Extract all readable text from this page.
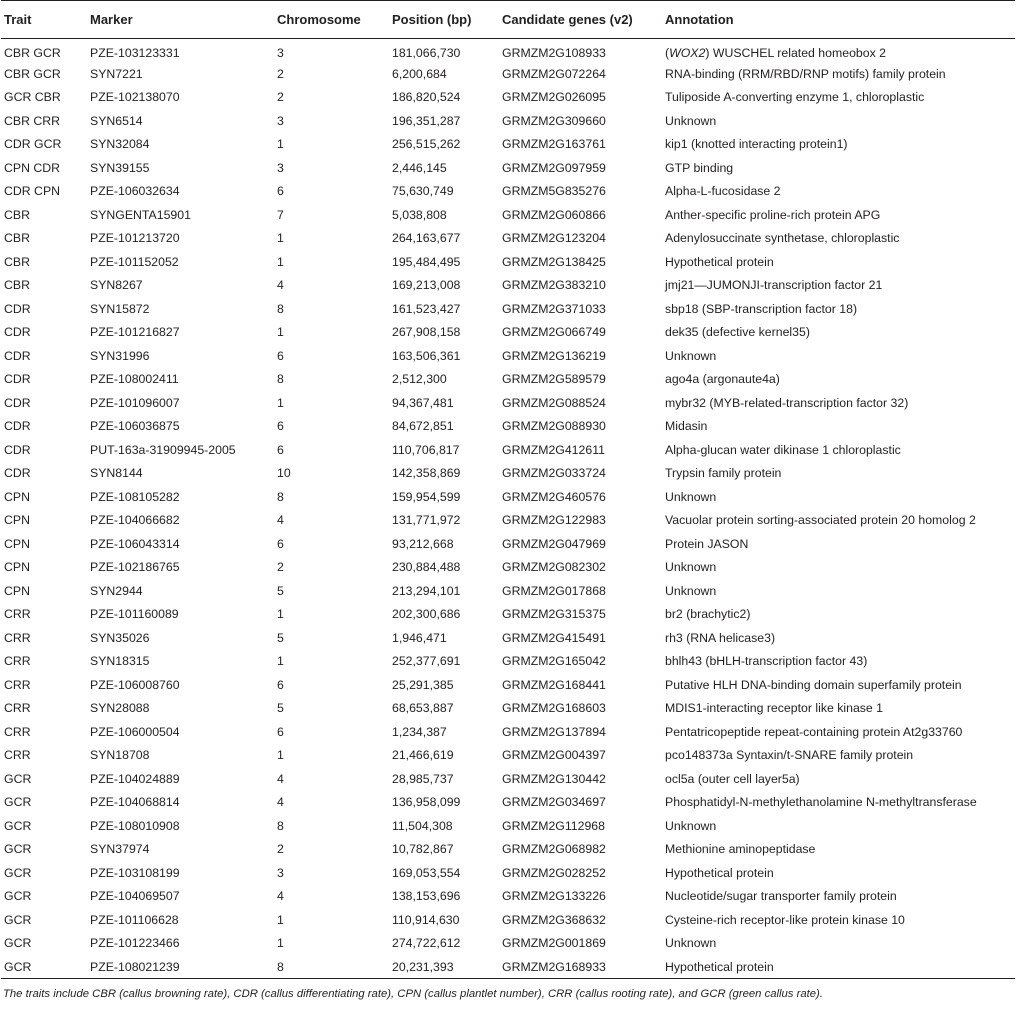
Trait	Marker	Chromosome	Position (bp)	Candidate genes (v2)	Annotation
CBR GCR	PZE-103123331	3	181,066,730	GRMZM2G108933	(WOX2) WUSCHEL related homeobox 2
CBR GCR	SYN7221	2	6,200,684	GRMZM2G072264	RNA-binding (RRM/RBD/RNP motifs) family protein
GCR CBR	PZE-102138070	2	186,820,524	GRMZM2G026095	Tuliposide A-converting enzyme 1, chloroplastic
CBR CRR	SYN6514	3	196,351,287	GRMZM2G309660	Unknown
CDR GCR	SYN32084	1	256,515,262	GRMZM2G163761	kip1 (knotted interacting protein1)
CPN CDR	SYN39155	3	2,446,145	GRMZM2G097959	GTP binding
CDR CPN	PZE-106032634	6	75,630,749	GRMZM5G835276	Alpha-L-fucosidase 2
CBR	SYNGENTA15901	7	5,038,808	GRMZM2G060866	Anther-specific proline-rich protein APG
CBR	PZE-101213720	1	264,163,677	GRMZM2G123204	Adenylosuccinate synthetase, chloroplastic
CBR	PZE-101152052	1	195,484,495	GRMZM2G138425	Hypothetical protein
CBR	SYN8267	4	169,213,008	GRMZM2G383210	jmj21—JUMONJI-transcription factor 21
CDR	SYN15872	8	161,523,427	GRMZM2G371033	sbp18 (SBP-transcription factor 18)
CDR	PZE-101216827	1	267,908,158	GRMZM2G066749	dek35 (defective kernel35)
CDR	SYN31996	6	163,506,361	GRMZM2G136219	Unknown
CDR	PZE-108002411	8	2,512,300	GRMZM2G589579	ago4a (argonaute4a)
CDR	PZE-101096007	1	94,367,481	GRMZM2G088524	mybr32 (MYB-related-transcription factor 32)
CDR	PZE-106036875	6	84,672,851	GRMZM2G088930	Midasin
CDR	PUT-163a-31909945-2005	6	110,706,817	GRMZM2G412611	Alpha-glucan water dikinase 1 chloroplastic
CDR	SYN8144	10	142,358,869	GRMZM2G033724	Trypsin family protein
CPN	PZE-108105282	8	159,954,599	GRMZM2G460576	Unknown
CPN	PZE-104066682	4	131,771,972	GRMZM2G122983	Vacuolar protein sorting-associated protein 20 homolog 2
CPN	PZE-106043314	6	93,212,668	GRMZM2G047969	Protein JASON
CPN	PZE-102186765	2	230,884,488	GRMZM2G082302	Unknown
CPN	SYN2944	5	213,294,101	GRMZM2G017868	Unknown
CRR	PZE-101160089	1	202,300,686	GRMZM2G315375	br2 (brachytic2)
CRR	SYN35026	5	1,946,471	GRMZM2G415491	rh3 (RNA helicase3)
CRR	SYN18315	1	252,377,691	GRMZM2G165042	bhlh43 (bHLH-transcription factor 43)
CRR	PZE-106008760	6	25,291,385	GRMZM2G168441	Putative HLH DNA-binding domain superfamily protein
CRR	SYN28088	5	68,653,887	GRMZM2G168603	MDIS1-interacting receptor like kinase 1
CRR	PZE-106000504	6	1,234,387	GRMZM2G137894	Pentatricopeptide repeat-containing protein At2g33760
CRR	SYN18708	1	21,466,619	GRMZM2G004397	pco148373a Syntaxin/t-SNARE family protein
GCR	PZE-104024889	4	28,985,737	GRMZM2G130442	ocl5a (outer cell layer5a)
GCR	PZE-104068814	4	136,958,099	GRMZM2G034697	Phosphatidyl-N-methylethanolamine N-methyltransferase
GCR	PZE-108010908	8	11,504,308	GRMZM2G112968	Unknown
GCR	SYN37974	2	10,782,867	GRMZM2G068982	Methionine aminopeptidase
GCR	PZE-103108199	3	169,053,554	GRMZM2G028252	Hypothetical protein
GCR	PZE-104069507	4	138,153,696	GRMZM2G133226	Nucleotide/sugar transporter family protein
GCR	PZE-101106628	1	110,914,630	GRMZM2G368632	Cysteine-rich receptor-like protein kinase 10
GCR	PZE-101223466	1	274,722,612	GRMZM2G001869	Unknown
GCR	PZE-108021239	8	20,231,393	GRMZM2G168933	Hypothetical protein
The traits include CBR (callus browning rate), CDR (callus differentiating rate), CPN (callus plantlet number), CRR (callus rooting rate), and GCR (green callus rate).
